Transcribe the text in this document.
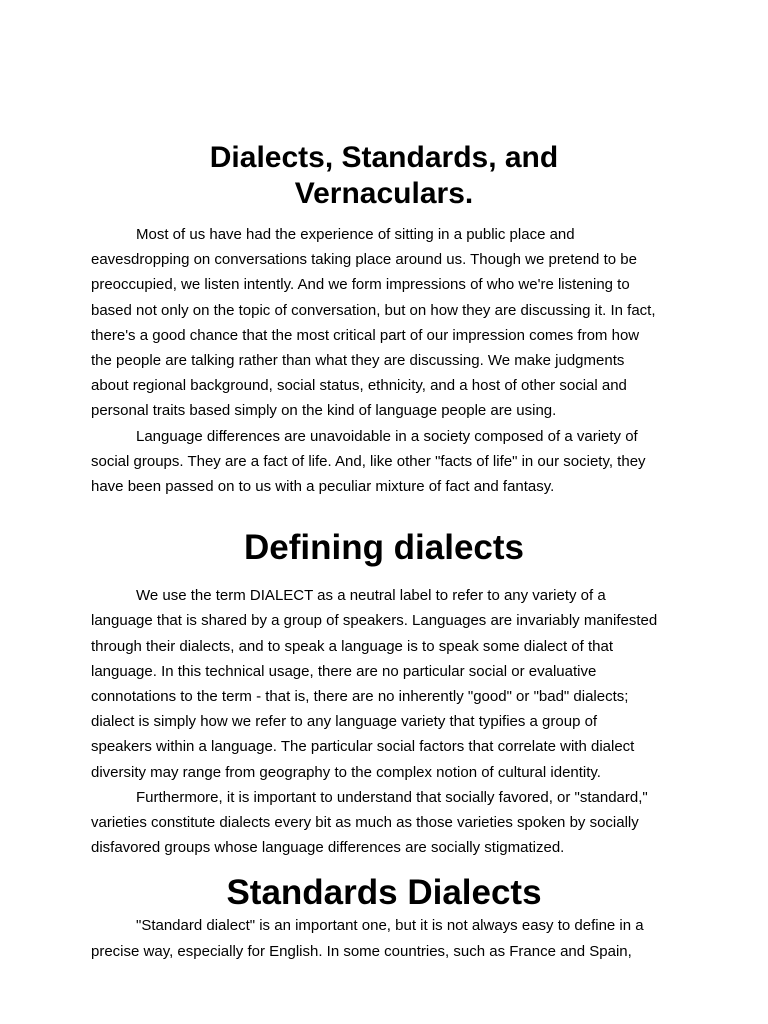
Dialects, Standards, and
Vernaculars.

Most of us have had the experience of sitting in a public place and
eavesdropping on conversations taking place around us. Though we pretend to be
preoccupied, we listen intently. And we form impressions of who we're listening to
based not only on the topic of conversation, but on how they are discussing it. In fact,
there's a good chance that the most critical part of our impression comes from how
the people are talking rather than what they are discussing. We make judgments
about regional background, social status, ethnicity, and a host of other social and
personal traits based simply on the kind of language people are using.

Language differences are unavoidable in a society composed of a variety of
social groups. They are a fact of life. And, like other "facts of life" in our society, they
have been passed on to us with a peculiar mixture of fact and fantasy.

Defining dialects

We use the term DIALECT as a neutral label to refer to any variety of a
language that is shared by a group of speakers. Languages are invariably manifested
through their dialects, and to speak a language is to speak some dialect of that
language. In this technical usage, there are no particular social or evaluative
connotations to the term - that is, there are no inherently "good" or "bad" dialects;
dialect is simply how we refer to any language variety that typifies a group of
speakers within a language. The particular social factors that correlate with dialect
diversity may range from geography to the complex notion of cultural identity.

Furthermore, it is important to understand that socially favored, or "standard,"
varieties constitute dialects every bit as much as those varieties spoken by socially
disfavored groups whose language differences are socially stigmatized.

Standards Dialects

"Standard dialect" is an important one, but it is not always easy to define in a
precise way, especially for English. In some countries, such as France and Spain,
